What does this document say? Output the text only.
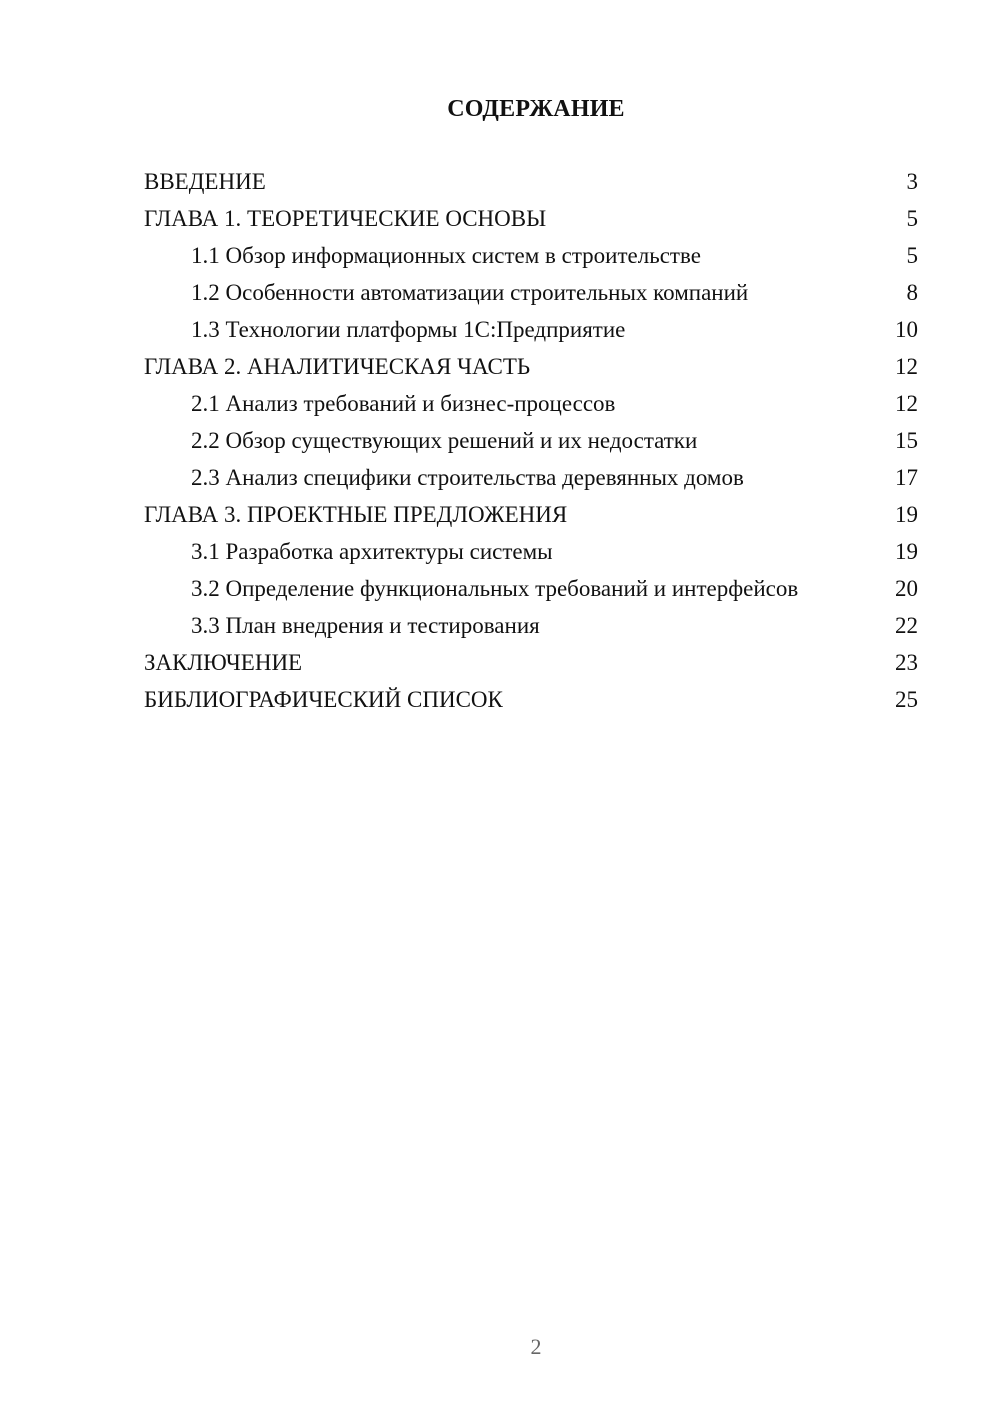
СОДЕРЖАНИЕ
ВВЕДЕНИЕ	3
ГЛАВА 1. ТЕОРЕТИЧЕСКИЕ ОСНОВЫ	5
1.1 Обзор информационных систем в строительстве	5
1.2 Особенности автоматизации строительных компаний	8
1.3 Технологии платформы 1С:Предприятие	10
ГЛАВА 2. АНАЛИТИЧЕСКАЯ ЧАСТЬ	12
2.1 Анализ требований и бизнес-процессов	12
2.2 Обзор существующих решений и их недостатки	15
2.3 Анализ специфики строительства деревянных домов	17
ГЛАВА 3. ПРОЕКТНЫЕ ПРЕДЛОЖЕНИЯ	19
3.1 Разработка архитектуры системы	19
3.2 Определение функциональных требований и интерфейсов	20
3.3 План внедрения и тестирования	22
ЗАКЛЮЧЕНИЕ	23
БИБЛИОГРАФИЧЕСКИЙ СПИСОК	25
2
